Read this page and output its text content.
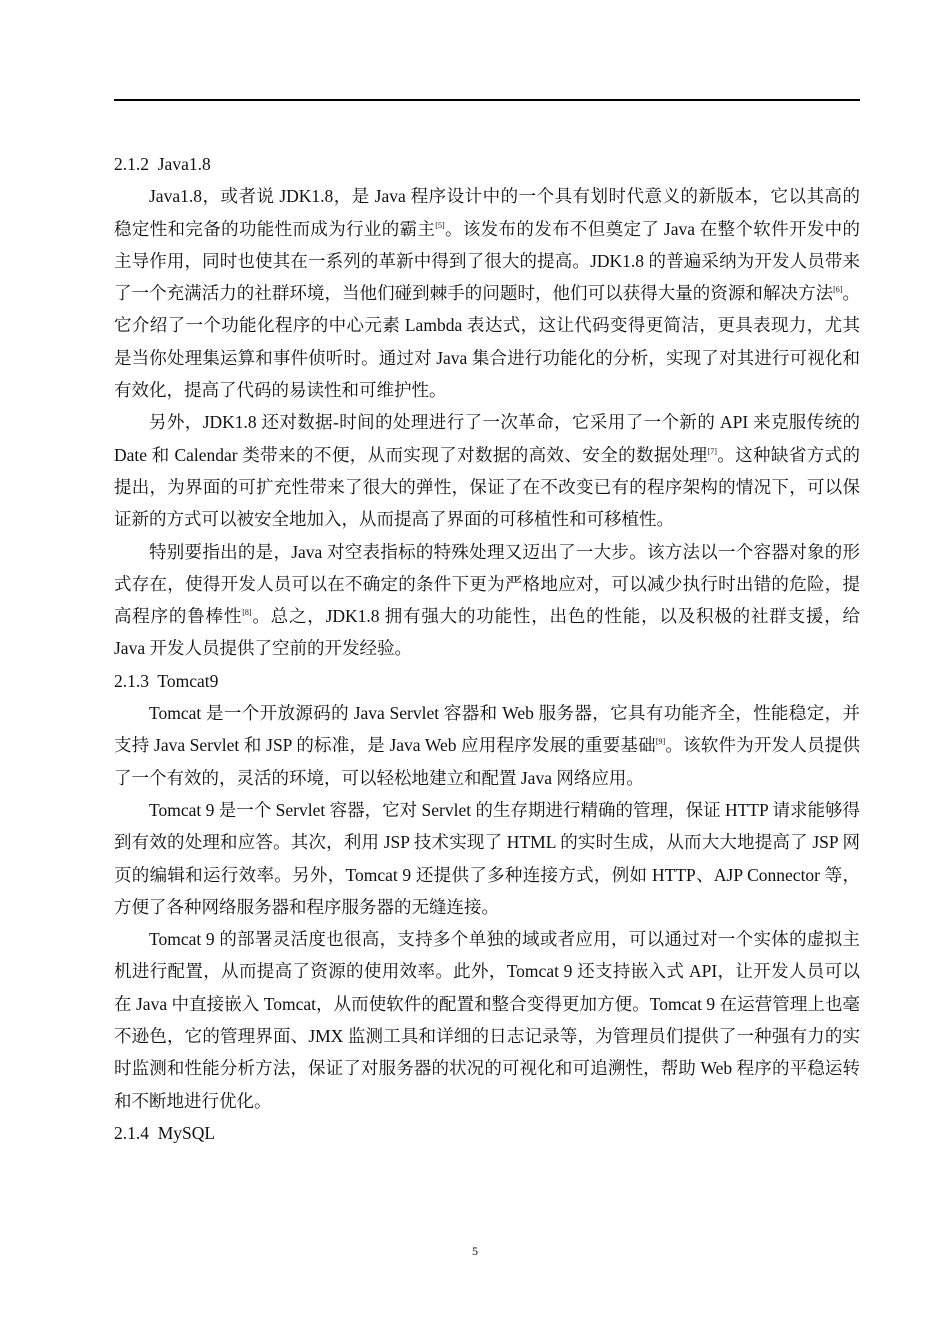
2.1.2  Java1.8

Java1.8，或者说 JDK1.8，是 Java 程序设计中的一个具有划时代意义的新版本，它以其高的稳定性和完备的功能性而成为行业的霸主[5]。该发布的发布不但奠定了 Java 在整个软件开发中的主导作用，同时也使其在一系列的革新中得到了很大的提高。JDK1.8 的普遍采纳为开发人员带来了一个充满活力的社群环境，当他们碰到棘手的问题时，他们可以获得大量的资源和解决方法[6]。它介绍了一个功能化程序的中心元素 Lambda 表达式，这让代码变得更简洁，更具表现力，尤其是当你处理集运算和事件侦听时。通过对 Java 集合进行功能化的分析，实现了对其进行可视化和有效化，提高了代码的易读性和可维护性。

另外，JDK1.8 还对数据-时间的处理进行了一次革命，它采用了一个新的 API 来克服传统的 Date 和 Calendar 类带来的不便，从而实现了对数据的高效、安全的数据处理[7]。这种缺省方式的提出，为界面的可扩充性带来了很大的弹性，保证了在不改变已有的程序架构的情况下，可以保证新的方式可以被安全地加入，从而提高了界面的可移植性和可移植性。

特别要指出的是，Java 对空表指标的特殊处理又迈出了一大步。该方法以一个容器对象的形式存在，使得开发人员可以在不确定的条件下更为严格地应对，可以减少执行时出错的危险，提高程序的鲁棒性[8]。总之，JDK1.8 拥有强大的功能性，出色的性能，以及积极的社群支援，给 Java 开发人员提供了空前的开发经验。

2.1.3  Tomcat9

Tomcat 是一个开放源码的 Java Servlet 容器和 Web 服务器，它具有功能齐全，性能稳定，并支持 Java Servlet 和 JSP 的标准，是 Java Web 应用程序发展的重要基础[9]。该软件为开发人员提供了一个有效的，灵活的环境，可以轻松地建立和配置 Java 网络应用。

Tomcat 9 是一个 Servlet 容器，它对 Servlet 的生存期进行精确的管理，保证 HTTP 请求能够得到有效的处理和应答。其次，利用 JSP 技术实现了 HTML 的实时生成，从而大大地提高了 JSP 网页的编辑和运行效率。另外，Tomcat 9 还提供了多种连接方式，例如 HTTP、AJP Connector 等，方便了各种网络服务器和程序服务器的无缝连接。

Tomcat 9 的部署灵活度也很高，支持多个单独的域或者应用，可以通过对一个实体的虚拟主机进行配置，从而提高了资源的使用效率。此外，Tomcat 9 还支持嵌入式 API，让开发人员可以在 Java 中直接嵌入 Tomcat，从而使软件的配置和整合变得更加方便。Tomcat 9 在运营管理上也毫不逊色，它的管理界面、JMX 监测工具和详细的日志记录等，为管理员们提供了一种强有力的实时监测和性能分析方法，保证了对服务器的状况的可视化和可追溯性，帮助 Web 程序的平稳运转和不断地进行优化。

2.1.4  MySQL
5
